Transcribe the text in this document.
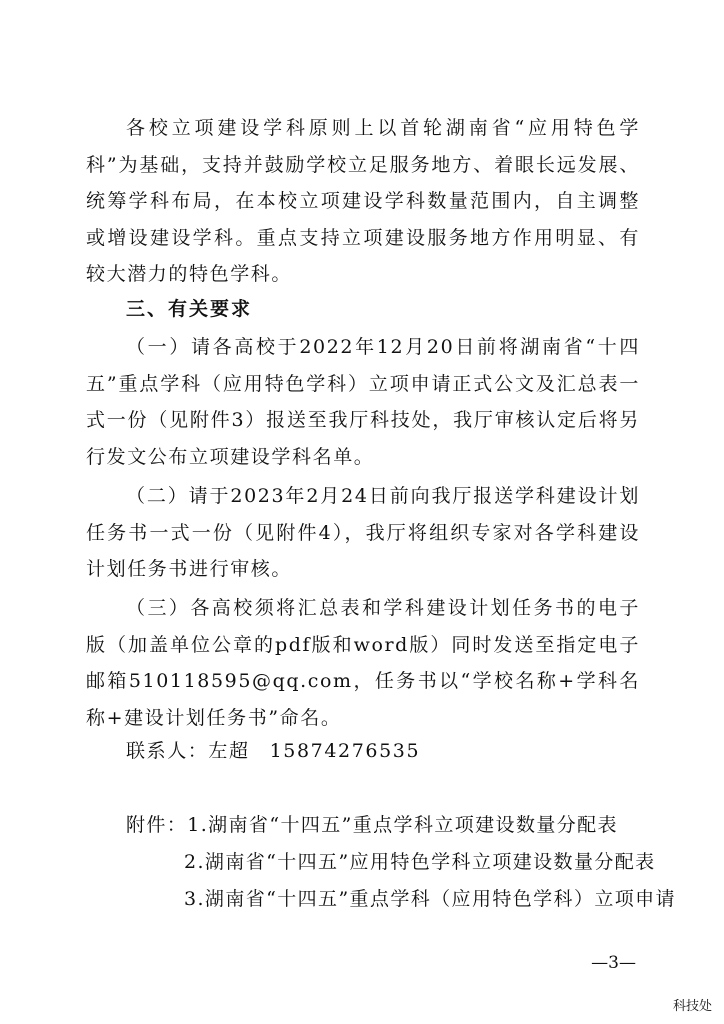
各校立项建设学科原则上以首轮湖南省“应用特色学科”为基础，支持并鼓励学校立足服务地方、着眼长远发展、统筹学科布局，在本校立项建设学科数量范围内，自主调整或增设建设学科。重点支持立项建设服务地方作用明显、有较大潜力的特色学科。

三、有关要求

（一）请各高校于2022年12月20日前将湖南省“十四五”重点学科（应用特色学科）立项申请正式公文及汇总表一式一份（见附件3）报送至我厅科技处，我厅审核认定后将另行发文公布立项建设学科名单。

（二）请于2023年2月24日前向我厅报送学科建设计划任务书一式一份（见附件4），我厅将组织专家对各学科建设计划任务书进行审核。

（三）各高校须将汇总表和学科建设计划任务书的电子版（加盖单位公章的pdf版和word版）同时发送至指定电子邮箱510118595@qq.com，任务书以“学校名称+学科名称+建设计划任务书”命名。

联系人：左超 15874276535

附件：1.湖南省“十四五”重点学科立项建设数量分配表

2.湖南省“十四五”应用特色学科立项建设数量分配表

3.湖南省“十四五”重点学科（应用特色学科）立项申请

—3—

科技处
